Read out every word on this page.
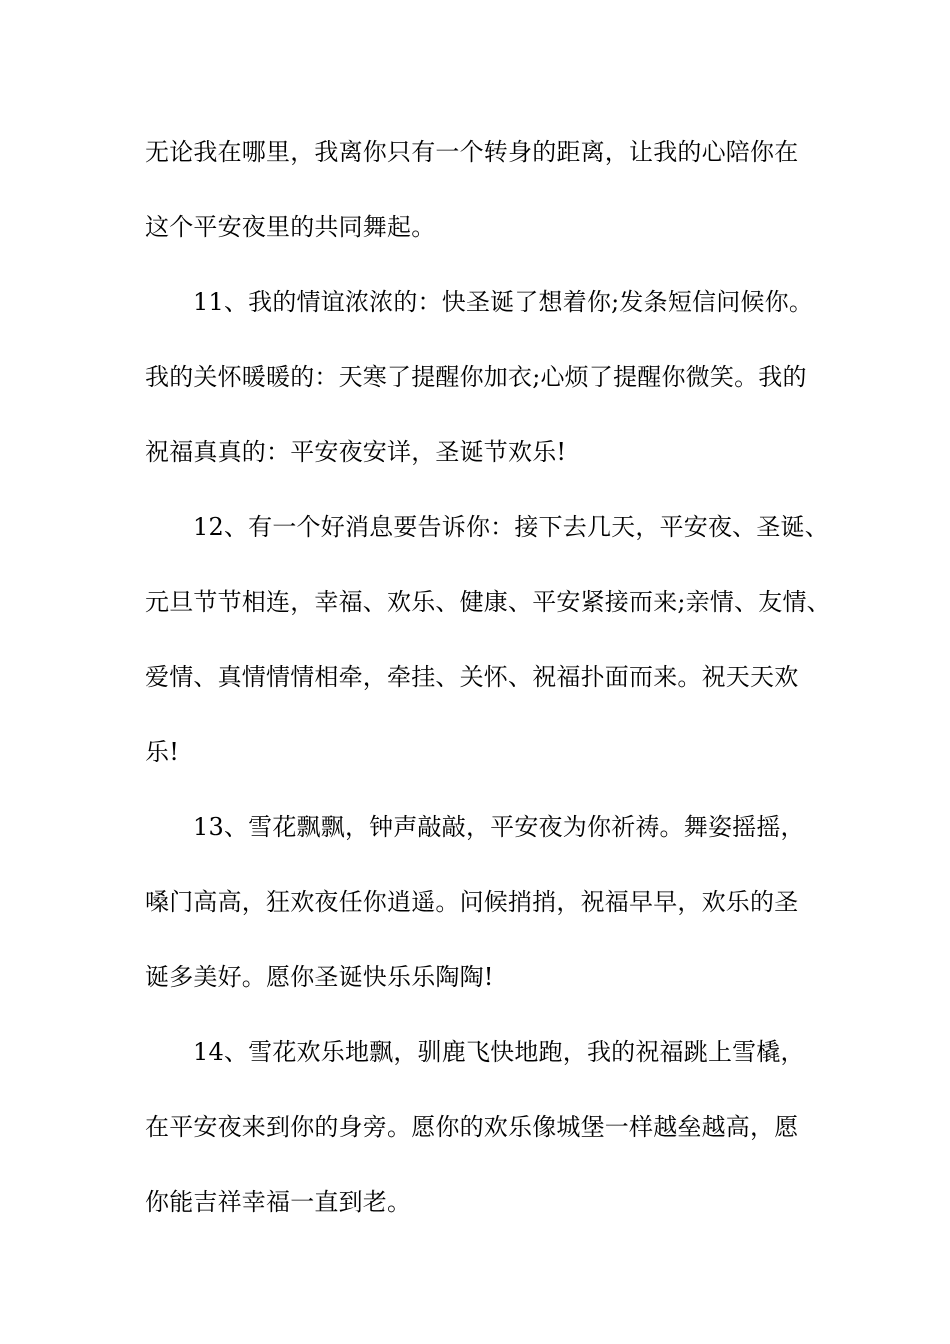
无论我在哪里，我离你只有一个转身的距离，让我的心陪你在
这个平安夜里的共同舞起。
11、我的情谊浓浓的：快圣诞了想着你;发条短信问候你。
我的关怀暖暖的：天寒了提醒你加衣;心烦了提醒你微笑。我的
祝福真真的：平安夜安详，圣诞节欢乐!
12、有一个好消息要告诉你：接下去几天，平安夜、圣诞、
元旦节节相连，幸福、欢乐、健康、平安紧接而来;亲情、友情、
爱情、真情情情相牵，牵挂、关怀、祝福扑面而来。祝天天欢
乐!
13、雪花飘飘，钟声敲敲，平安夜为你祈祷。舞姿摇摇，
嗓门高高，狂欢夜任你逍遥。问候捎捎，祝福早早，欢乐的圣
诞多美好。愿你圣诞快乐乐陶陶!
14、雪花欢乐地飘，驯鹿飞快地跑，我的祝福跳上雪橇，
在平安夜来到你的身旁。愿你的欢乐像城堡一样越垒越高，愿
你能吉祥幸福一直到老。
